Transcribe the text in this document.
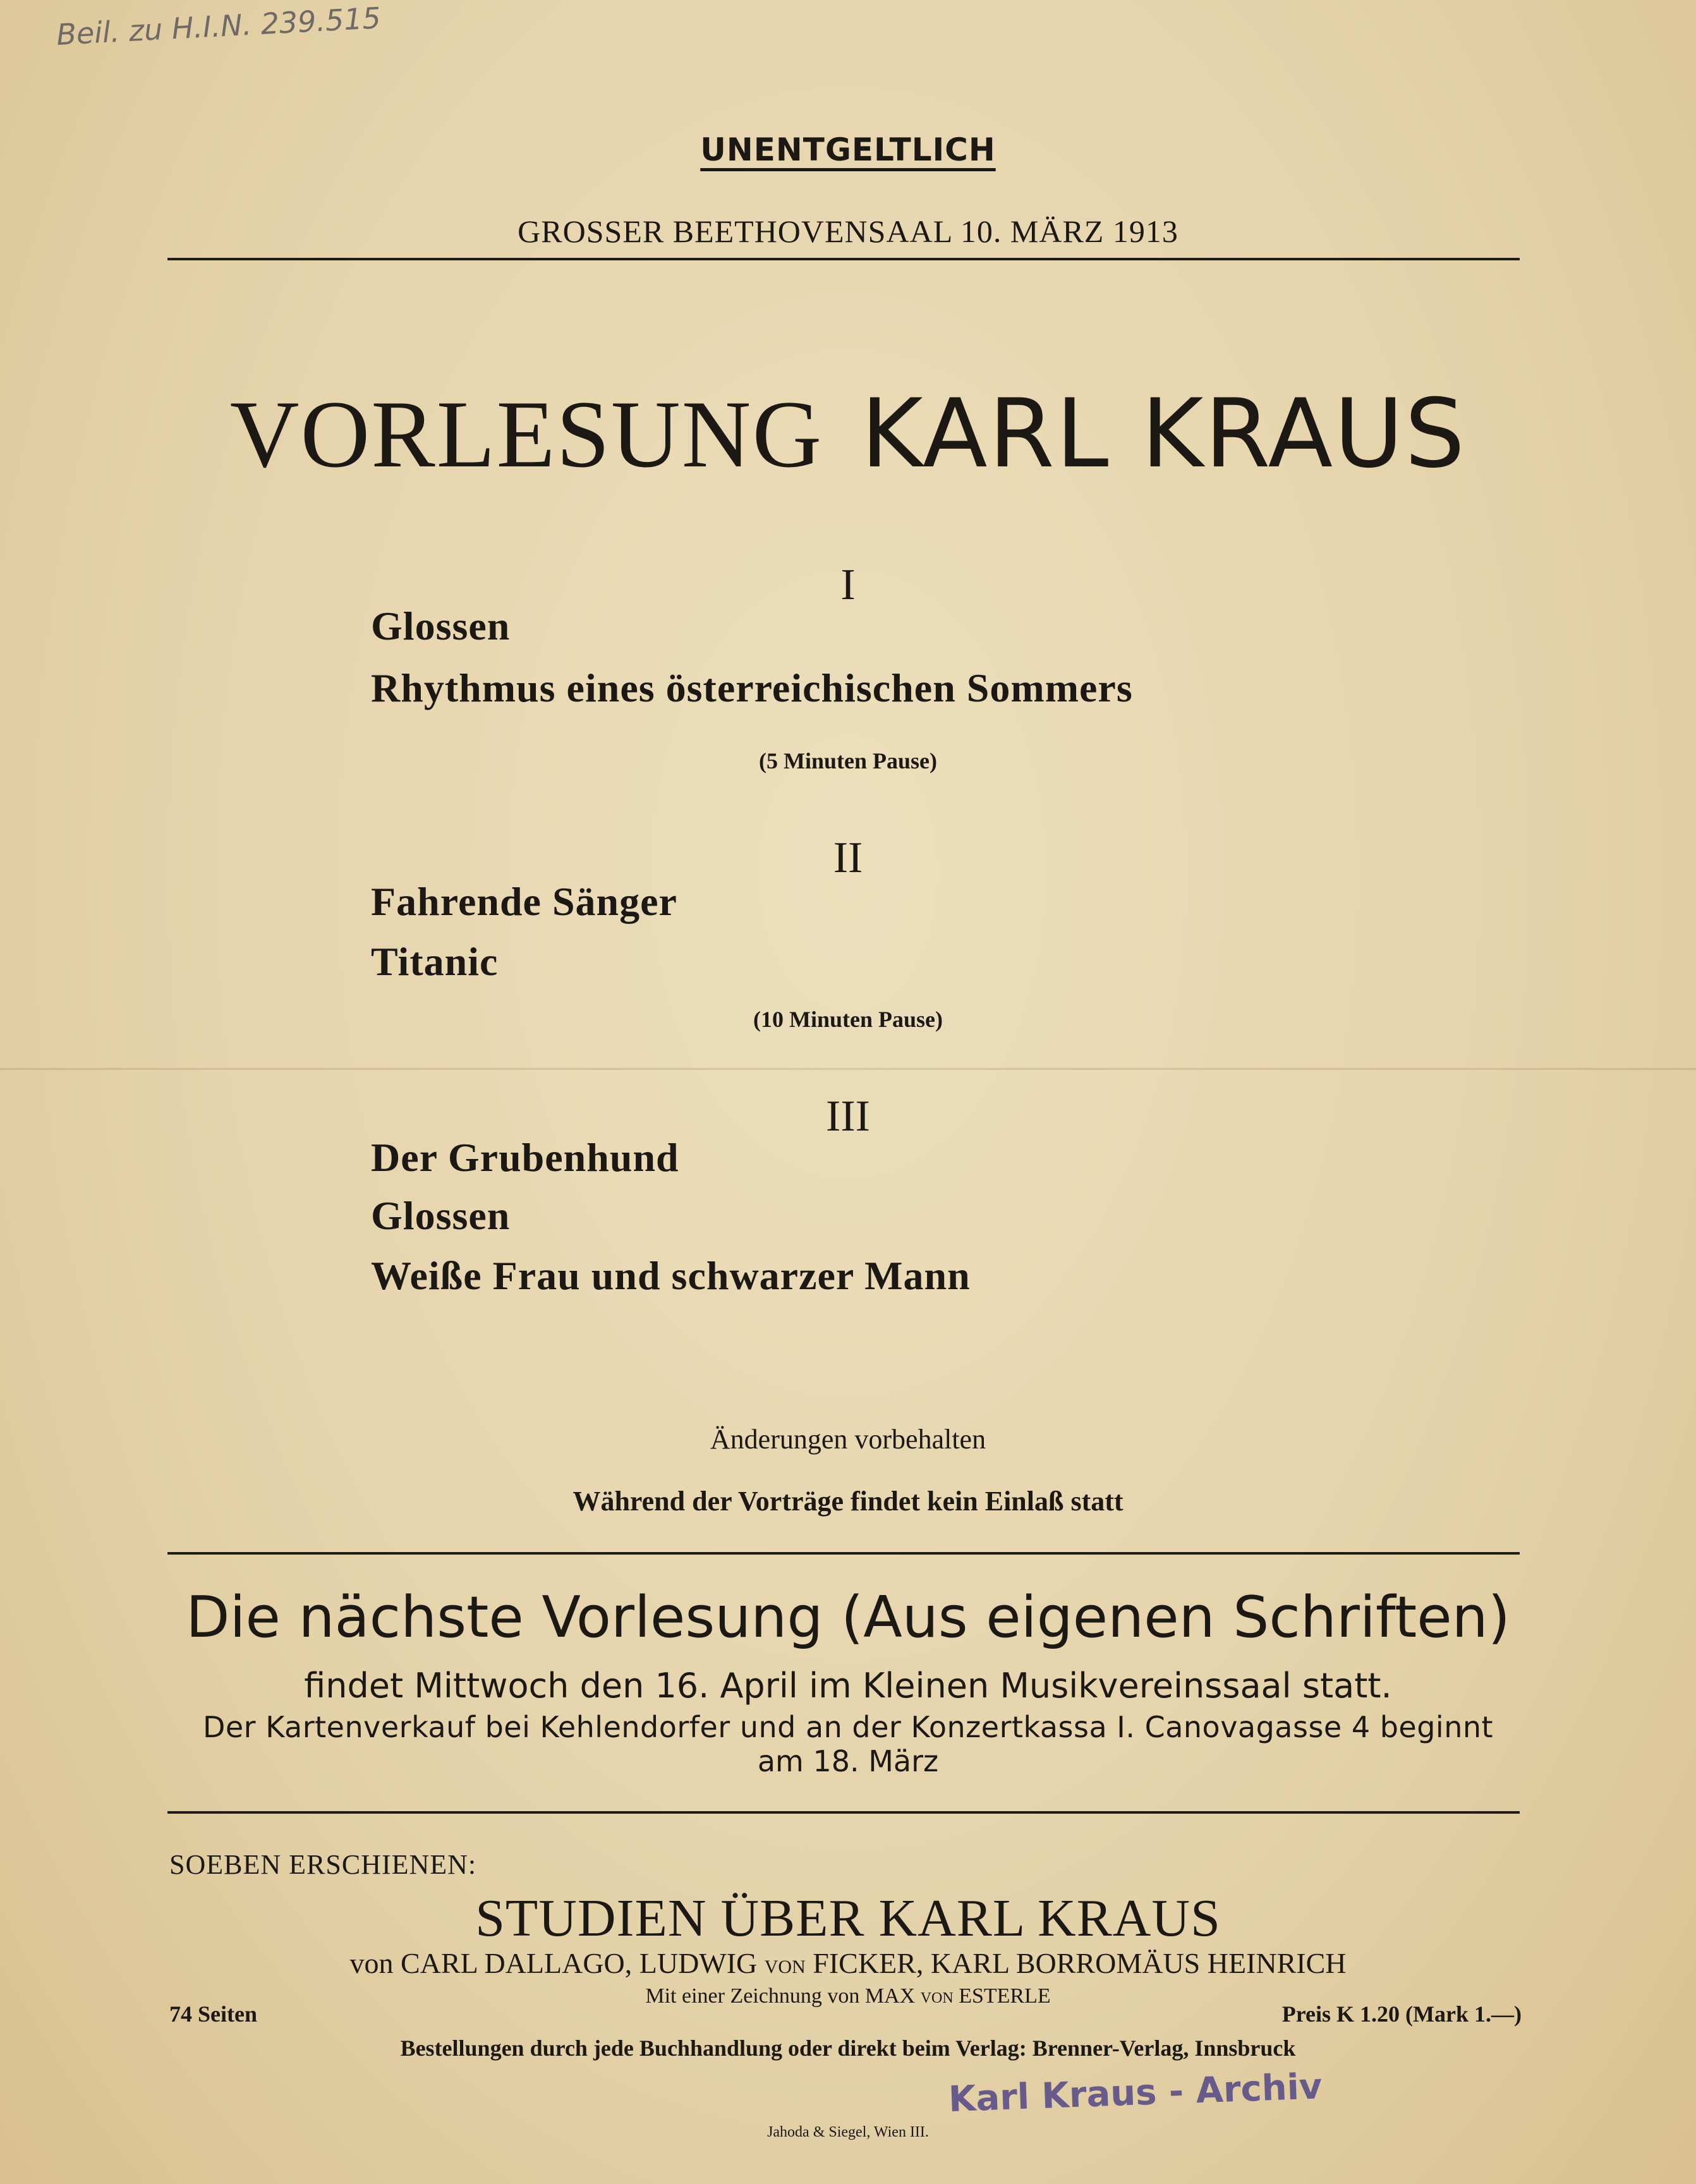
Beil. zu H.I.N. 239.515
UNENTGELTLICH
GROSSER BEETHOVENSAAL 10. MÄRZ 1913
VORLESUNG KARL KRAUS
I
Glossen
Rhythmus eines österreichischen Sommers
(5 Minuten Pause)
II
Fahrende Sänger
Titanic
(10 Minuten Pause)
III
Der Grubenhund
Glossen
Weiße Frau und schwarzer Mann
Änderungen vorbehalten
Während der Vorträge findet kein Einlaß statt
Die nächste Vorlesung (Aus eigenen Schriften)
findet Mittwoch den 16. April im Kleinen Musikvereinssaal statt.
Der Kartenverkauf bei Kehlendorfer und an der Konzertkassa I. Canovagasse 4 beginnt
am 18. März
SOEBEN ERSCHIENEN:
STUDIEN ÜBER KARL KRAUS
von CARL DALLAGO, LUDWIG VON FICKER, KARL BORROMÄUS HEINRICH
Mit einer Zeichnung von MAX VON ESTERLE
74 Seiten	Preis K 1.20 (Mark 1.—)
Bestellungen durch jede Buchhandlung oder direkt beim Verlag: Brenner-Verlag, Innsbruck
Karl Kraus - Archiv
Jahoda & Siegel, Wien III.
